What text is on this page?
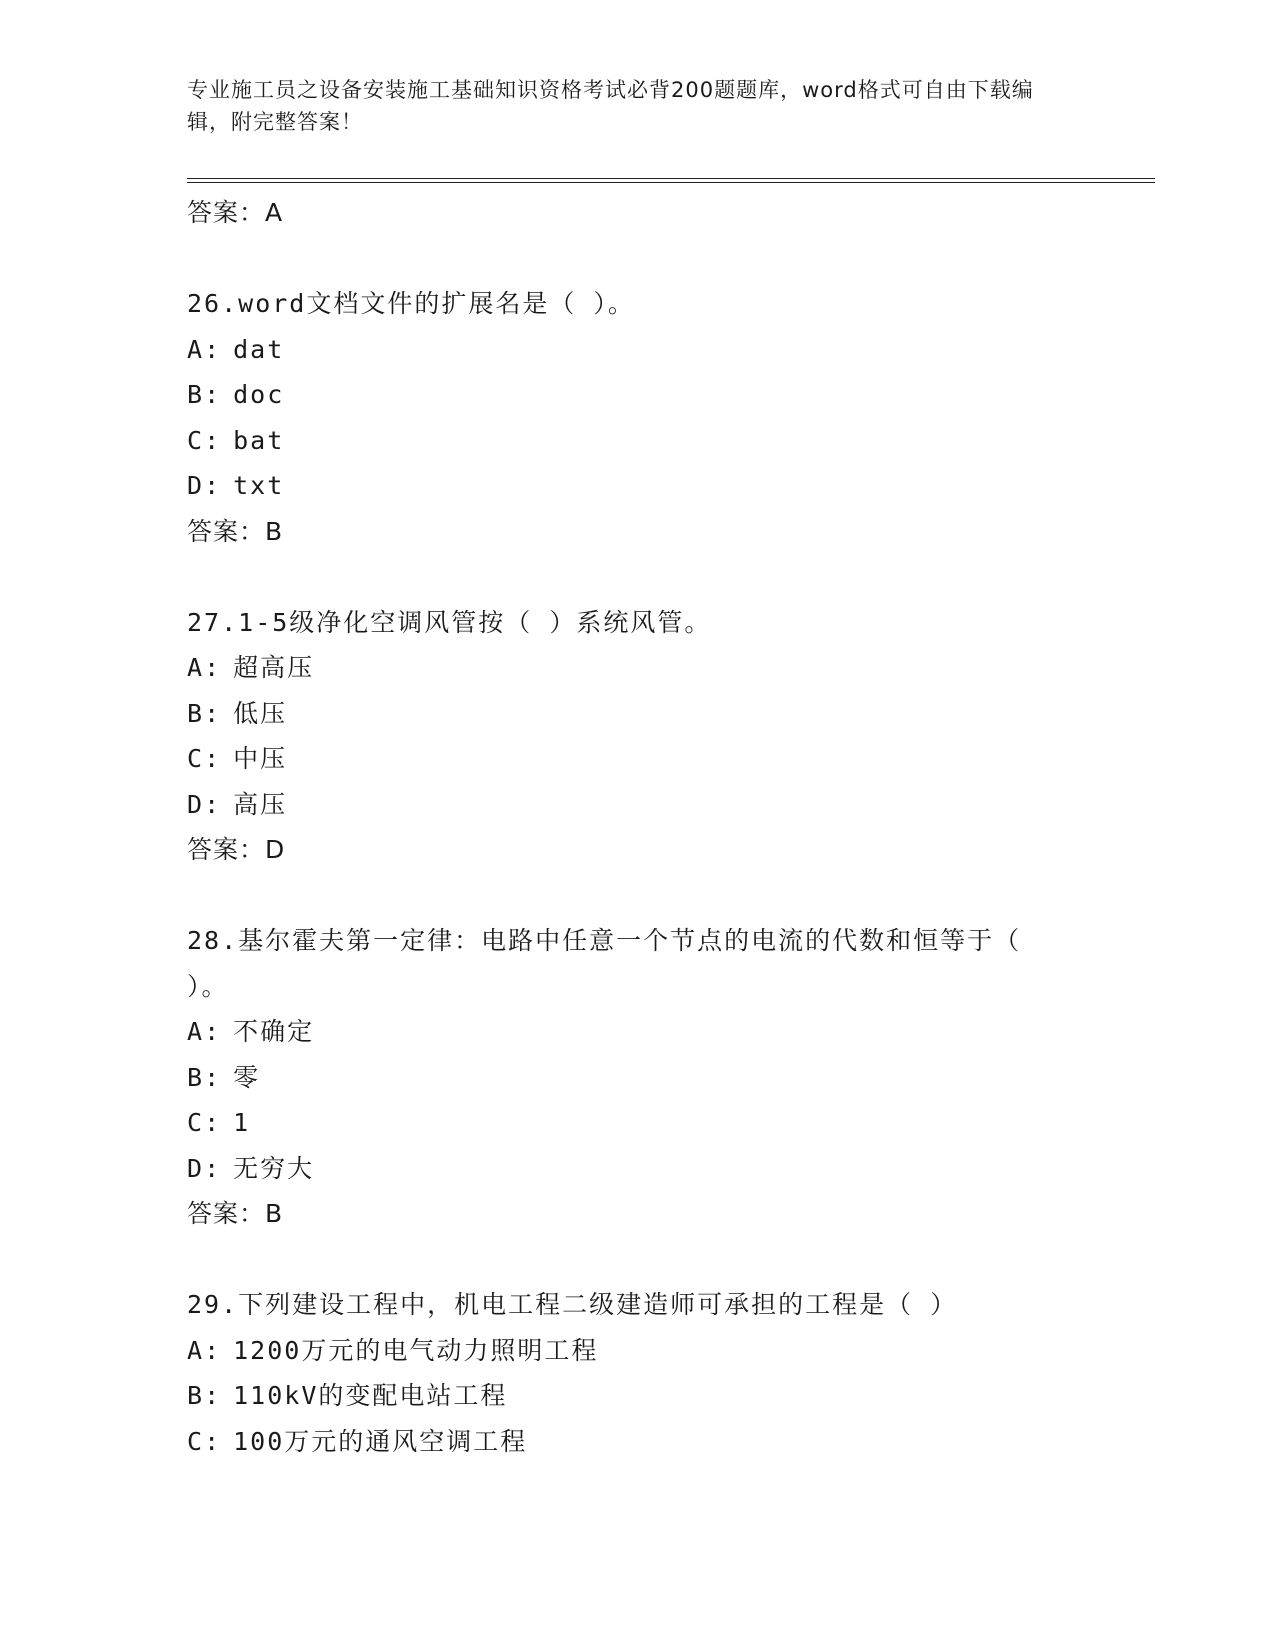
专业施工员之设备安装施工基础知识资格考试必背200题题库，word格式可自由下载编辑，附完整答案！
答案：A
26.word文档文件的扩展名是（ ）。
A: dat
B: doc
C: bat
D: txt
答案：B
27.1-5级净化空调风管按（ ）系统风管。
A: 超高压
B: 低压
C: 中压
D: 高压
答案：D
28.基尔霍夫第一定律：电路中任意一个节点的电流的代数和恒等于（
）。
A: 不确定
B: 零
C: 1
D: 无穷大
答案：B
29.下列建设工程中，机电工程二级建造师可承担的工程是（ ）
A: 1200万元的电气动力照明工程
B: 110kV的变配电站工程
C: 100万元的通风空调工程
